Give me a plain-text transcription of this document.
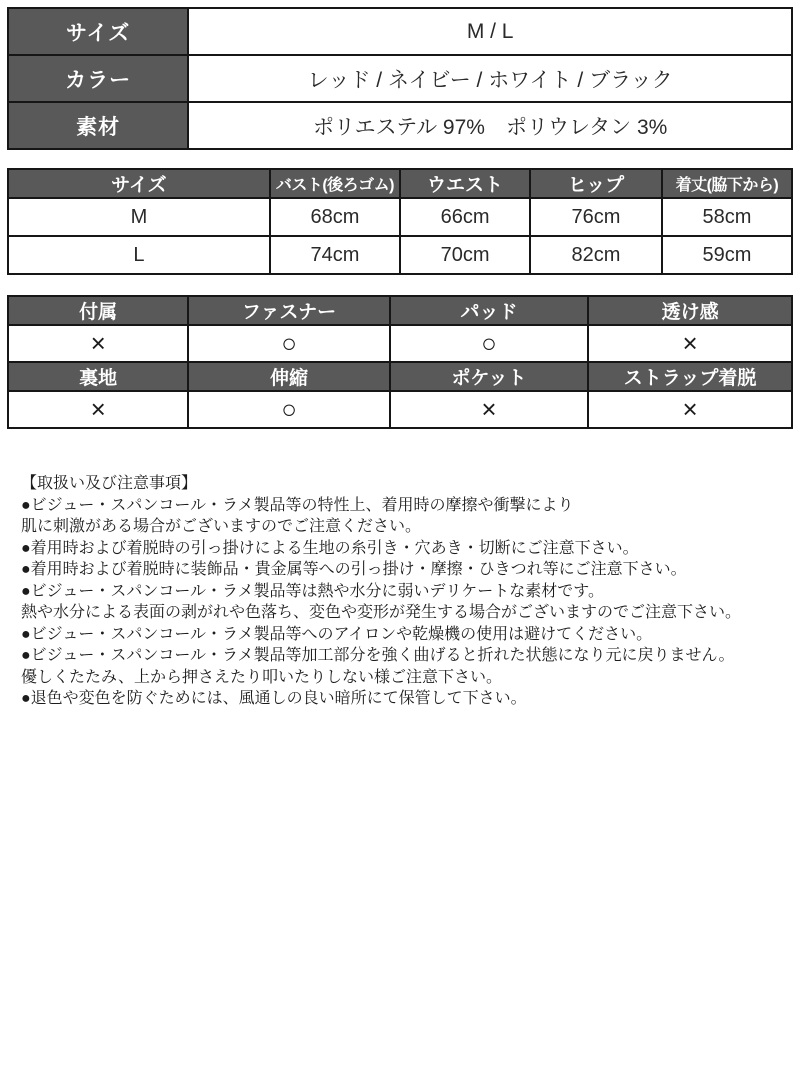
サイズ	M / L
カラー	レッド / ネイビー / ホワイト / ブラック
素材	ポリエステル 97%　ポリウレタン 3%
サイズ	バスト(後ろゴム)	ウエスト	ヒップ	着丈(脇下から)
M	68cm	66cm	76cm	58cm
L	74cm	70cm	82cm	59cm
付属	ファスナー	パッド	透け感
×	○	○	×
裏地	伸縮	ポケット	ストラップ着脱
×	○	×	×
【取扱い及び注意事項】
●ビジュー・スパンコール・ラメ製品等の特性上、着用時の摩擦や衝撃により
肌に刺激がある場合がございますのでご注意ください。
●着用時および着脱時の引っ掛けによる生地の糸引き・穴あき・切断にご注意下さい。
●着用時および着脱時に装飾品・貴金属等への引っ掛け・摩擦・ひきつれ等にご注意下さい。
●ビジュー・スパンコール・ラメ製品等は熱や水分に弱いデリケートな素材です。
熱や水分による表面の剥がれや色落ち、変色や変形が発生する場合がございますのでご注意下さい。
●ビジュー・スパンコール・ラメ製品等へのアイロンや乾燥機の使用は避けてください。
●ビジュー・スパンコール・ラメ製品等加工部分を強く曲げると折れた状態になり元に戻りません。
優しくたたみ、上から押さえたり叩いたりしない様ご注意下さい。
●退色や変色を防ぐためには、風通しの良い暗所にて保管して下さい。
